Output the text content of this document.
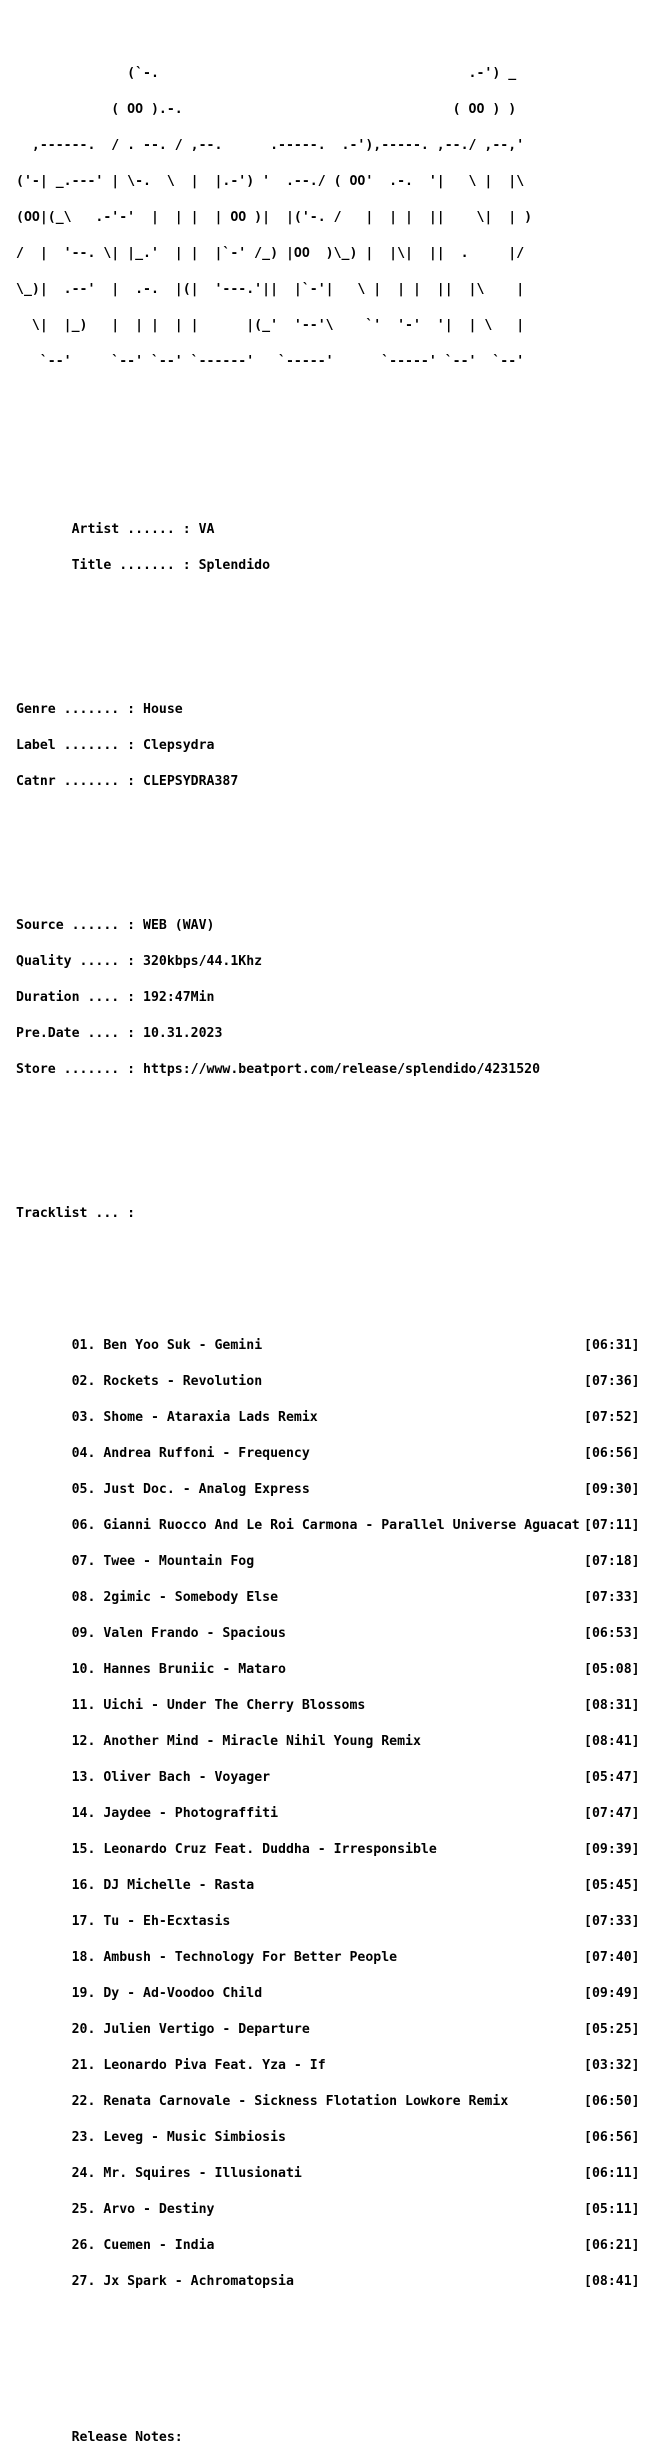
(`-.                                       .-') _

( OO ).-.                                  ( OO ) )

,------.  / . --. / ,--.      .-----.  .-'),-----. ,--./ ,--,'

('-| _.---' | \-.  \  |  |.-') '  .--./ ( OO'  .-.  '|   \ |  |\

(OO|(_\   .-'-'  |  | |  | OO )|  |('-. /   |  | |  ||    \|  | )

/  |  '--. \| |_.'  | |  |`-' /_) |OO  )\_) |  |\|  ||  .     |/

\_)|  .--'  |  .-.  |(|  '---.'||  |`-'|   \ |  | |  ||  |\    |

\|  |_)   |  | |  | |      |(_'  '--'\    `'  '-'  '|  | \   |

`--'     `--' `--' `------'   `-----'      `-----' `--'  `--'

Artist ...... : VA

Title ....... : Splendido

Genre ....... : House

Label ....... : Clepsydra

Catnr ....... : CLEPSYDRA387

Source ...... : WEB (WAV)

Quality ..... : 320kbps/44.1Khz

Duration .... : 192:47Min

Pre.Date .... : 10.31.2023

Store ....... : https://www.beatport.com/release/splendido/4231520

Tracklist ... :

01. Ben Yoo Suk - Gemini	[06:31]

02. Rockets - Revolution	[07:36]

03. Shome - Ataraxia Lads Remix	[07:52]

04. Andrea Ruffoni - Frequency	[06:56]

05. Just Doc. - Analog Express	[09:30]

06. Gianni Ruocco And Le Roi Carmona - Parallel Universe Aguacat [07:11]

07. Twee - Mountain Fog	[07:18]

08. 2gimic - Somebody Else	[07:33]

09. Valen Frando - Spacious	[06:53]

10. Hannes Bruniic - Mataro	[05:08]

11. Uichi - Under The Cherry Blossoms	[08:31]

12. Another Mind - Miracle Nihil Young Remix	[08:41]

13. Oliver Bach - Voyager	[05:47]

14. Jaydee - Photograffiti	[07:47]

15. Leonardo Cruz Feat. Duddha - Irresponsible	[09:39]

16. DJ Michelle - Rasta	[05:45]

17. Tu - Eh-Ecxtasis	[07:33]

18. Ambush - Technology For Better People	[07:40]

19. Dy - Ad-Voodoo Child	[09:49]

20. Julien Vertigo - Departure	[05:25]

21. Leonardo Piva Feat. Yza - If	[03:32]

22. Renata Carnovale - Sickness Flotation Lowkore Remix	[06:50]

23. Leveg - Music Simbiosis	[06:56]

24. Mr. Squires - Illusionati	[06:11]

25. Arvo - Destiny	[05:11]

26. Cuemen - India	[06:21]

27. Jx Spark - Achromatopsia	[08:41]

Release Notes:
